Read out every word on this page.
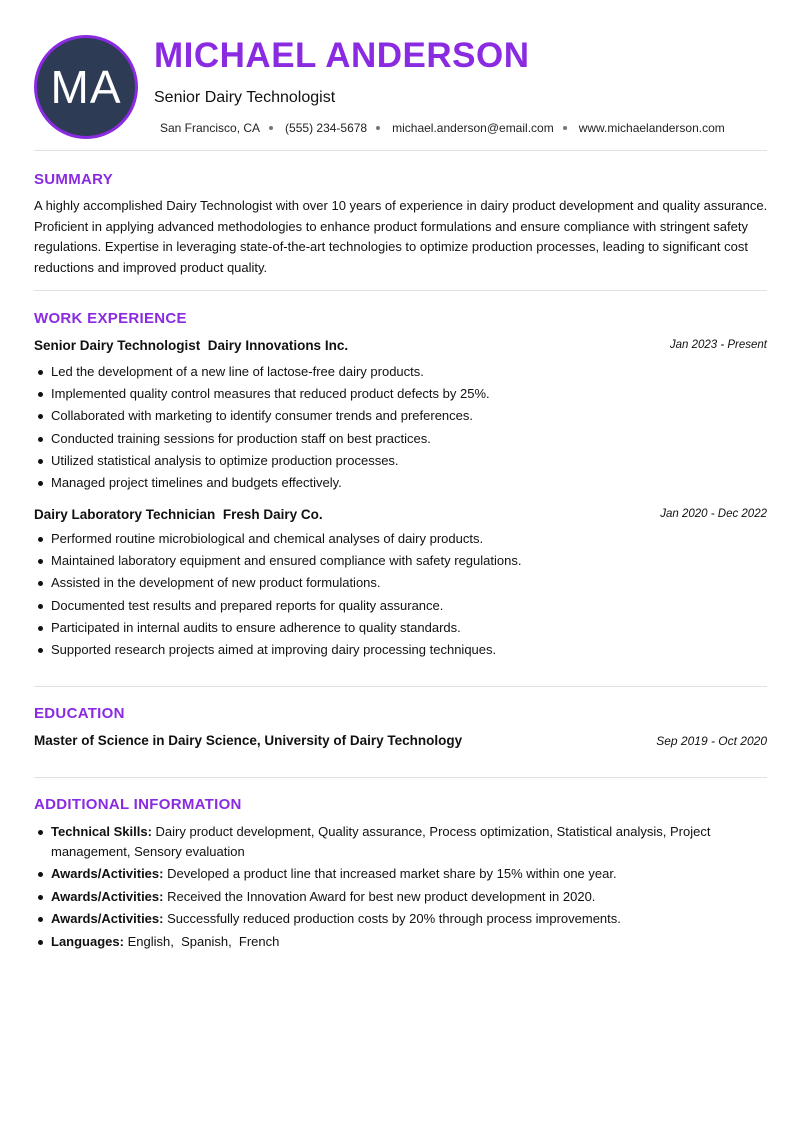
MA
MICHAEL ANDERSON
Senior Dairy Technologist
San Francisco, CA (555) 234-5678 michael.anderson@email.com www.michaelanderson.com
SUMMARY
A highly accomplished Dairy Technologist with over 10 years of experience in dairy product development and quality assurance. Proficient in applying advanced methodologies to enhance product formulations and ensure compliance with stringent safety regulations. Expertise in leveraging state-of-the-art technologies to optimize production processes, leading to significant cost reductions and improved product quality.
WORK EXPERIENCE
Senior Dairy Technologist Dairy Innovations Inc.	Jan 2023 - Present
Led the development of a new line of lactose-free dairy products.
Implemented quality control measures that reduced product defects by 25%.
Collaborated with marketing to identify consumer trends and preferences.
Conducted training sessions for production staff on best practices.
Utilized statistical analysis to optimize production processes.
Managed project timelines and budgets effectively.
Dairy Laboratory Technician Fresh Dairy Co.	Jan 2020 - Dec 2022
Performed routine microbiological and chemical analyses of dairy products.
Maintained laboratory equipment and ensured compliance with safety regulations.
Assisted in the development of new product formulations.
Documented test results and prepared reports for quality assurance.
Participated in internal audits to ensure adherence to quality standards.
Supported research projects aimed at improving dairy processing techniques.
EDUCATION
Master of Science in Dairy Science, University of Dairy Technology	Sep 2019 - Oct 2020
ADDITIONAL INFORMATION
Technical Skills: Dairy product development, Quality assurance, Process optimization, Statistical analysis, Project management, Sensory evaluation
Awards/Activities: Developed a product line that increased market share by 15% within one year.
Awards/Activities: Received the Innovation Award for best new product development in 2020.
Awards/Activities: Successfully reduced production costs by 20% through process improvements.
Languages: English,  Spanish,  French
